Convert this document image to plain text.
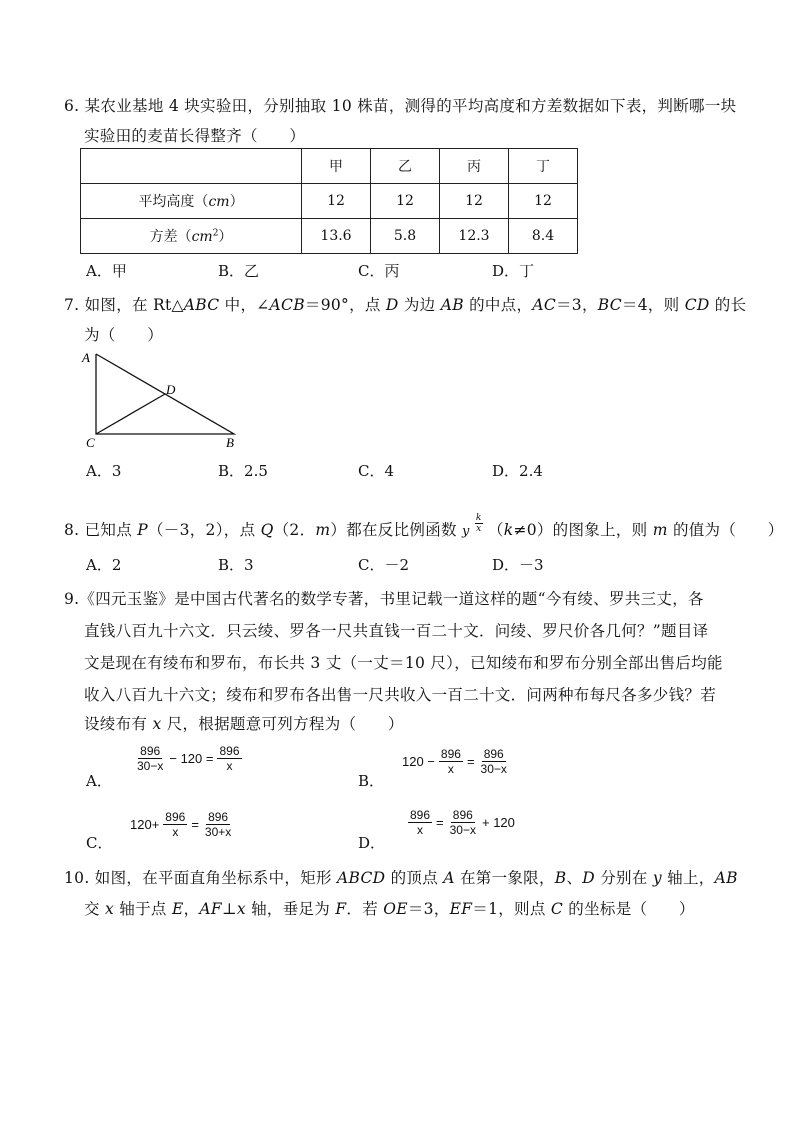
6. 某农业基地 4 块实验田，分别抽取 10 株苗，测得的平均高度和方差数据如下表，判断哪一块
实验田的麦苗长得整齐（　　）
	甲	乙	丙	丁
平均高度（cm）	12	12	12	12
方差$(cm^2)$	13.6	5.8	12.3	8.4
A．甲	B．乙	C．丙	D．丁
7. 如图，在 Rt△ABC 中，∠ACB＝90°，点 D 为边 AB 的中点，AC＝3，BC＝4，则 CD 的长
为（　　）
A
D
C	B
A．3	B．2.5	C．4	D．2.4
8. 已知点 P（－3，2），点 Q（2．m）都在反比例函数 y $\frac{k}{x} (k\ne 0)$的图象上，则 m 的值为（　　）
A．2	B．3	C．－2	D．－3
9.《四元玉鉴》是中国古代著名的数学专著，书里记载一道这样的题“今有绫、罗共三丈，各
直钱八百九十六文．只云绫、罗各一尺共直钱一百二十文．问绫、罗尺价各几何？”题目译
文是现在有绫布和罗布，布长共 3 丈（一丈＝10 尺），已知绫布和罗布分别全部出售后均能
收入八百九十六文；绫布和罗布各出售一尺共收入一百二十文．问两种布每尺各多少钱？若
设绫布有 x 尺，根据题意可列方程为（　　）
A．
$\frac{896}{30-x} - 120 = \frac{896}{x}$
B．
$120 - \frac{896}{x} = \frac{896}{30-x}$
C．
$120+ \frac{896}{x} = \frac{896}{30+x}$
D．
$\frac{896}{x} = \frac{896}{30-x} + 120$
10. 如图，在平面直角坐标系中，矩形 ABCD 的顶点 A 在第一象限，B、D 分别在 y 轴上，AB
交 x 轴于点 E，AF⊥x 轴，垂足为 F．若 OE＝3，EF＝1，则点 C 的坐标是（　　）
